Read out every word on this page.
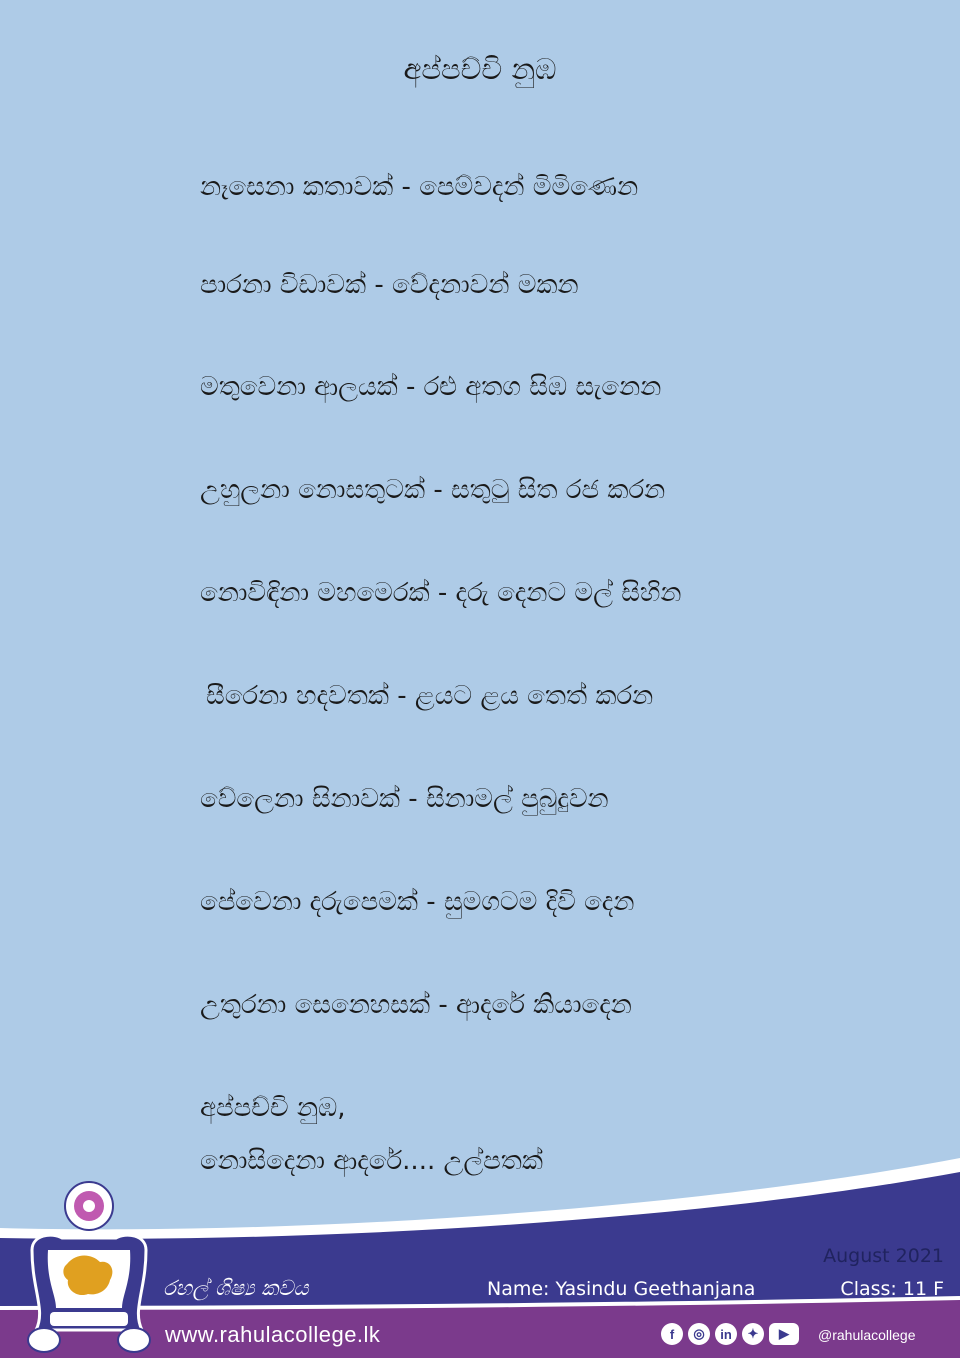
අප්පච්චි නුඹ
නෑසෙනා කතාවක් - පෙම්වදන් මිමිණෙන
පාරනා විඩාවක් - වේදනාවන් මකන
මතුවෙනා ආලයක් - රළු අතග සිඹ සැනෙන
උහුලනා නොසතුටක් - සතුටු සිත රජ කරන
නොවිඳිනා මහමෙරක් - දරු දෙනට මල් සිහින
සීරෙනා හදවතක් - ළයට ළය තෙත් කරන
වේලෙනා සිනාවක් - සිනාමල් පුබුදුවන
පේවෙනා දරුපෙමක් - සුමගටම දිවි දෙන
උතුරනා සෙනෙහසක් - ආදරේ කියාදෙන
අප්පච්චි නුඹ,
නොසිදෙනා ආදරේ.... උල්පතක්
රහල් ශිෂ්‍ය කවය	Name: Yasindu Geethanjana
August 2021
Class: 11 F
www.rahulacollege.lk	f	◎	in	✦	▶	@rahulacollege
